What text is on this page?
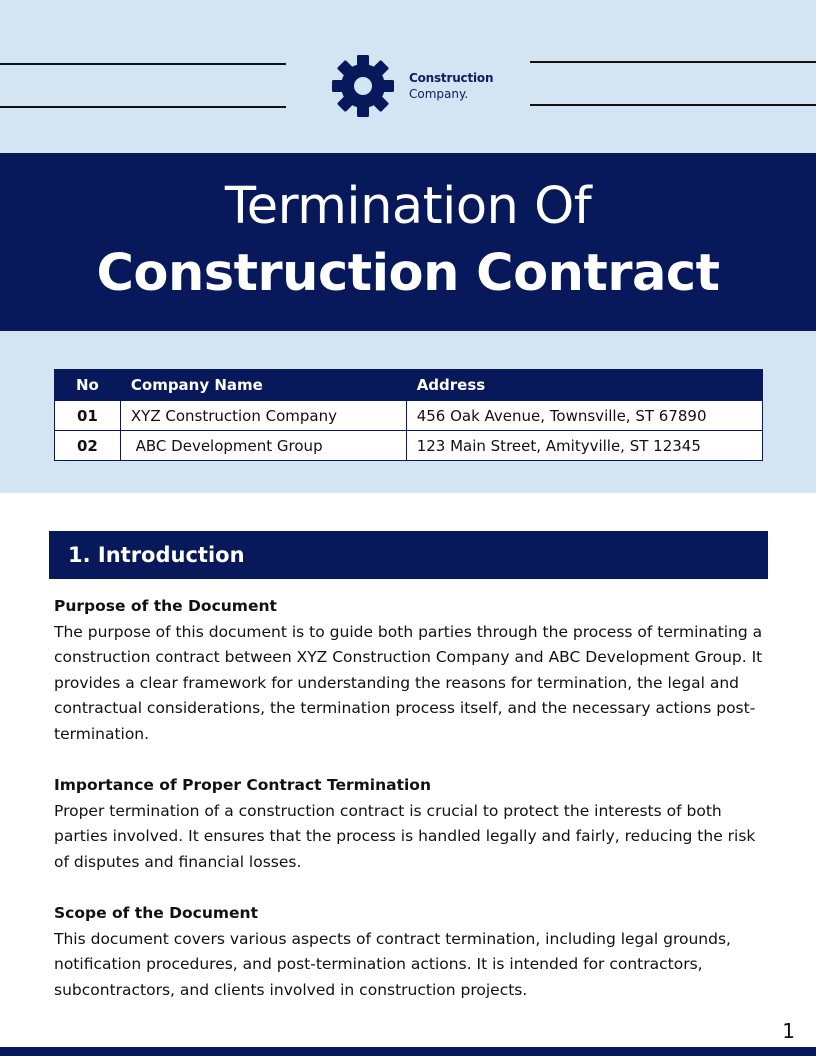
Construction
Company.
Termination Of
Construction Contract
No	Company Name	Address
01	XYZ Construction Company	456 Oak Avenue, Townsville, ST 67890
02	ABC Development Group	123 Main Street, Amityville, ST 12345
1. Introduction
Purpose of the Document

The purpose of this document is to guide both parties through the process of terminating a construction contract between XYZ Construction Company and ABC Development Group. It provides a clear framework for understanding the reasons for termination, the legal and contractual considerations, the termination process itself, and the necessary actions post-termination.

Importance of Proper Contract Termination

Proper termination of a construction contract is crucial to protect the interests of both parties involved. It ensures that the process is handled legally and fairly, reducing the risk of disputes and financial losses.

Scope of the Document

This document covers various aspects of contract termination, including legal grounds, notification procedures, and post-termination actions. It is intended for contractors, subcontractors, and clients involved in construction projects.

1
